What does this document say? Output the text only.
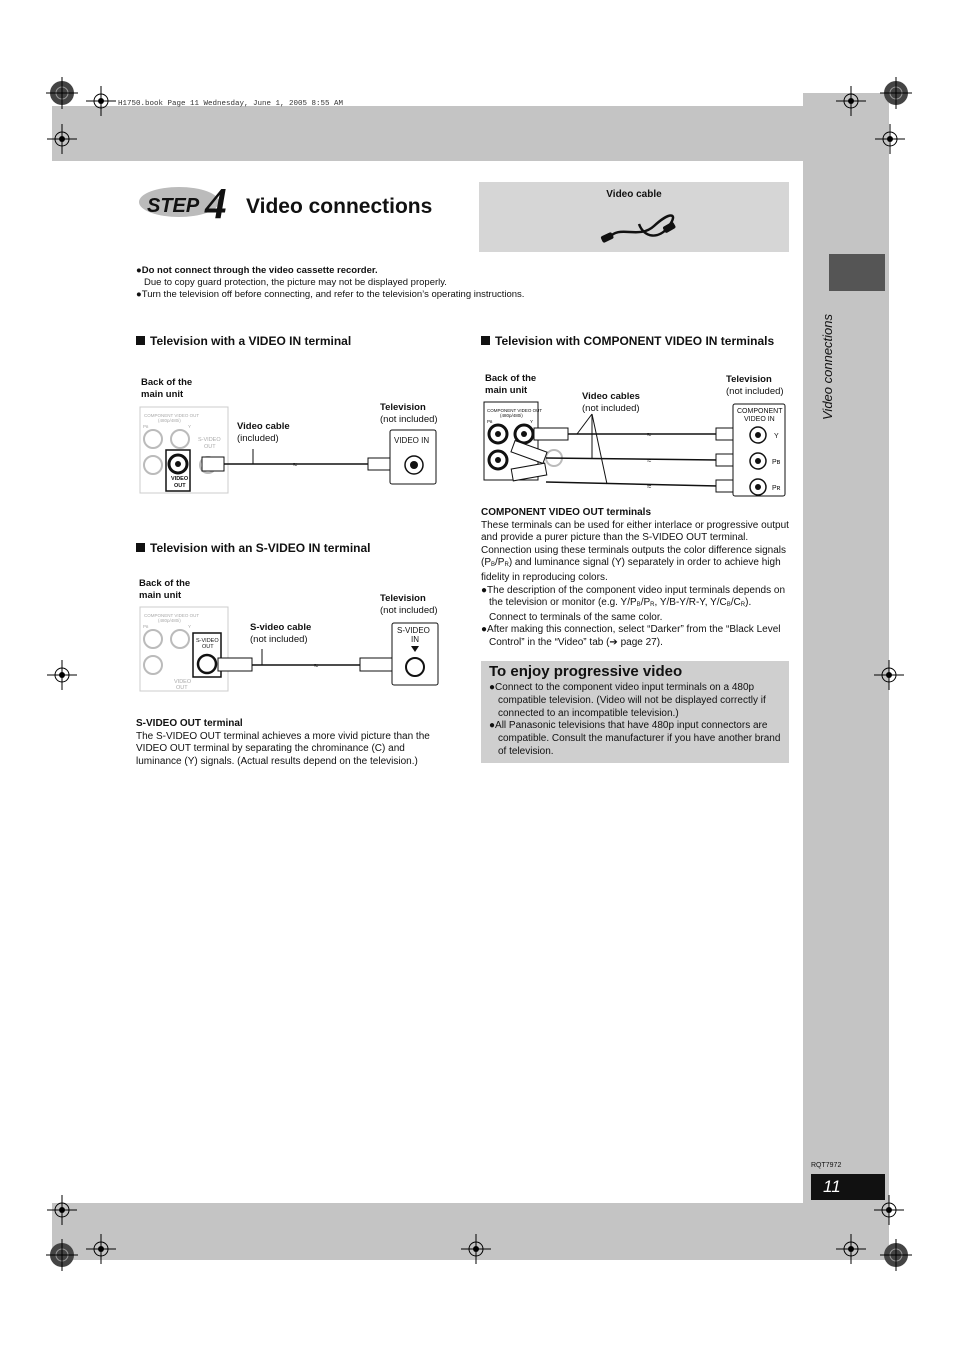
Video connections
H1750.book Page 11 Wednesday, June 1, 2005 8:55 AM
STEP 4 Video connections
Video cable

●Do not connect through the video cassette recorder.

Due to copy guard protection, the picture may not be displayed properly.

●Turn the television off before connecting, and refer to the television’s operating instructions.

Television with a VIDEO IN terminal
Back of the
main unit
Video cable
(included)
Television
(not included)
COMPONENT VIDEO OUT
(480p/480i)
Pʙ	Y
S-VIDEO
OUT
VIDEO
OUT
≈
VIDEO IN
Television with an S-VIDEO IN terminal
Back of the
main unit
S-video cable
(not included)
Television
(not included)
COMPONENT VIDEO OUT
(480p/480i)
Pʙ	Y
S-VIDEO
OUT
VIDEO
OUT
≈
S-VIDEO
IN
S-VIDEO OUT terminal
The S-VIDEO OUT terminal achieves a more vivid picture than the VIDEO OUT terminal by separating the chrominance (C) and luminance (Y) signals. (Actual results depend on the television.)
Television with COMPONENT VIDEO IN terminals
Back of the
main unit
Video cables
(not included)
Television
(not included)
COMPONENT VIDEO OUT
(480p/480i)
Pʙ	Y
≈
≈
≈
COMPONENT
VIDEO IN
Y
Pʙ
Pʀ
COMPONENT VIDEO OUT terminals
These terminals can be used for either interlace or progressive output and provide a purer picture than the S-VIDEO OUT terminal. Connection using these terminals outputs the color difference signals $(P_B/P_R)$ and luminance signal (Y) separately in order to achieve high fidelity in reproducing colors.
●The description of the component video input terminals depends on the television or monitor (e.g. $Y/P_B/P_R$, Y/B-Y/R-Y, $Y/C_B/C_R$). Connect to terminals of the same color.
●After making this connection, select “Darker” from the “Black Level Control” in the “Video” tab (➔ page 27).
To enjoy progressive video

●Connect to the component video input terminals on a 480p compatible television. (Video will not be displayed correctly if connected to an incompatible television.)

●All Panasonic televisions that have 480p input connectors are compatible. Consult the manufacturer if you have another brand of television.

RQT7972
11
